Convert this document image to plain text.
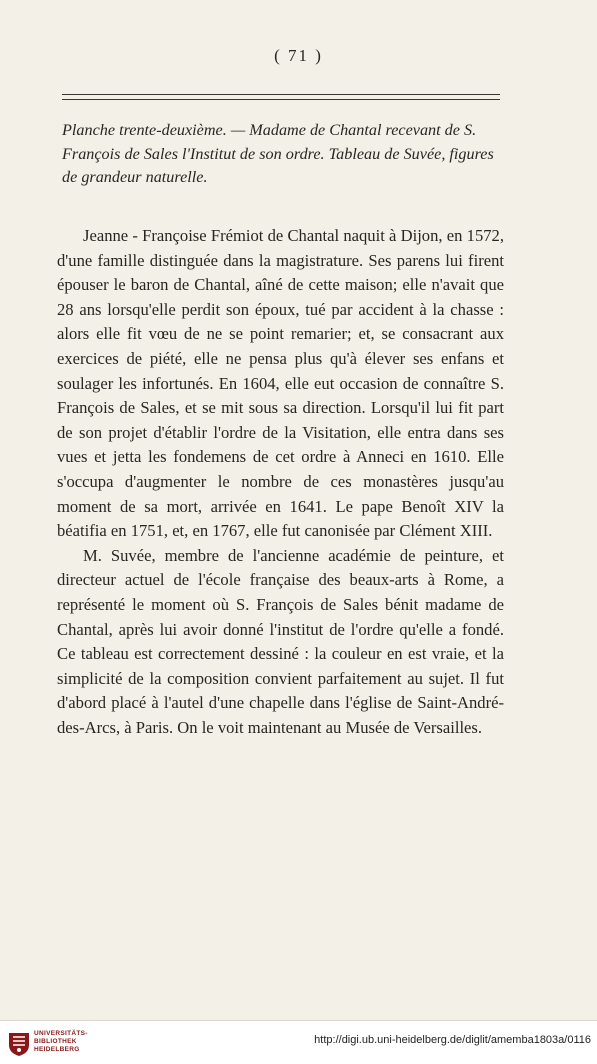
( 71 )

Planche trente-deuxième. — Madame de Chantal recevant de S. François de Sales l'Institut de son ordre. Tableau de Suvée, figures de grandeur naturelle.

Jeanne - Françoise Frémiot de Chantal naquit à Dijon, en 1572, d'une famille distinguée dans la magistrature. Ses parens lui firent épouser le baron de Chantal, aîné de cette maison; elle n'avait que 28 ans lorsqu'elle perdit son époux, tué par accident à la chasse : alors elle fit vœu de ne se point remarier; et, se consacrant aux exercices de piété, elle ne pensa plus qu'à élever ses enfans et soulager les infortunés. En 1604, elle eut occasion de connaître S. François de Sales, et se mit sous sa direction. Lorsqu'il lui fit part de son projet d'établir l'ordre de la Visitation, elle entra dans ses vues et jetta les fondemens de cet ordre à Anneci en 1610. Elle s'occupa d'augmenter le nombre de ces monastères jusqu'au moment de sa mort, arrivée en 1641. Le pape Benoît XIV la béatifia en 1751, et, en 1767, elle fut canonisée par Clément XIII.

M. Suvée, membre de l'ancienne académie de peinture, et directeur actuel de l'école française des beaux-arts à Rome, a représenté le moment où S. François de Sales bénit madame de Chantal, après lui avoir donné l'institut de l'ordre qu'elle a fondé. Ce tableau est correctement dessiné : la couleur en est vraie, et la simplicité de la composition convient parfaitement au sujet. Il fut d'abord placé à l'autel d'une chapelle dans l'église de Saint-André-des-Arcs, à Paris. On le voit maintenant au Musée de Versailles.

UNIVERSITÄTS-
BIBLIOTHEK
HEIDELBERG
http://digi.ub.uni-heidelberg.de/diglit/amemba1803a/0116
